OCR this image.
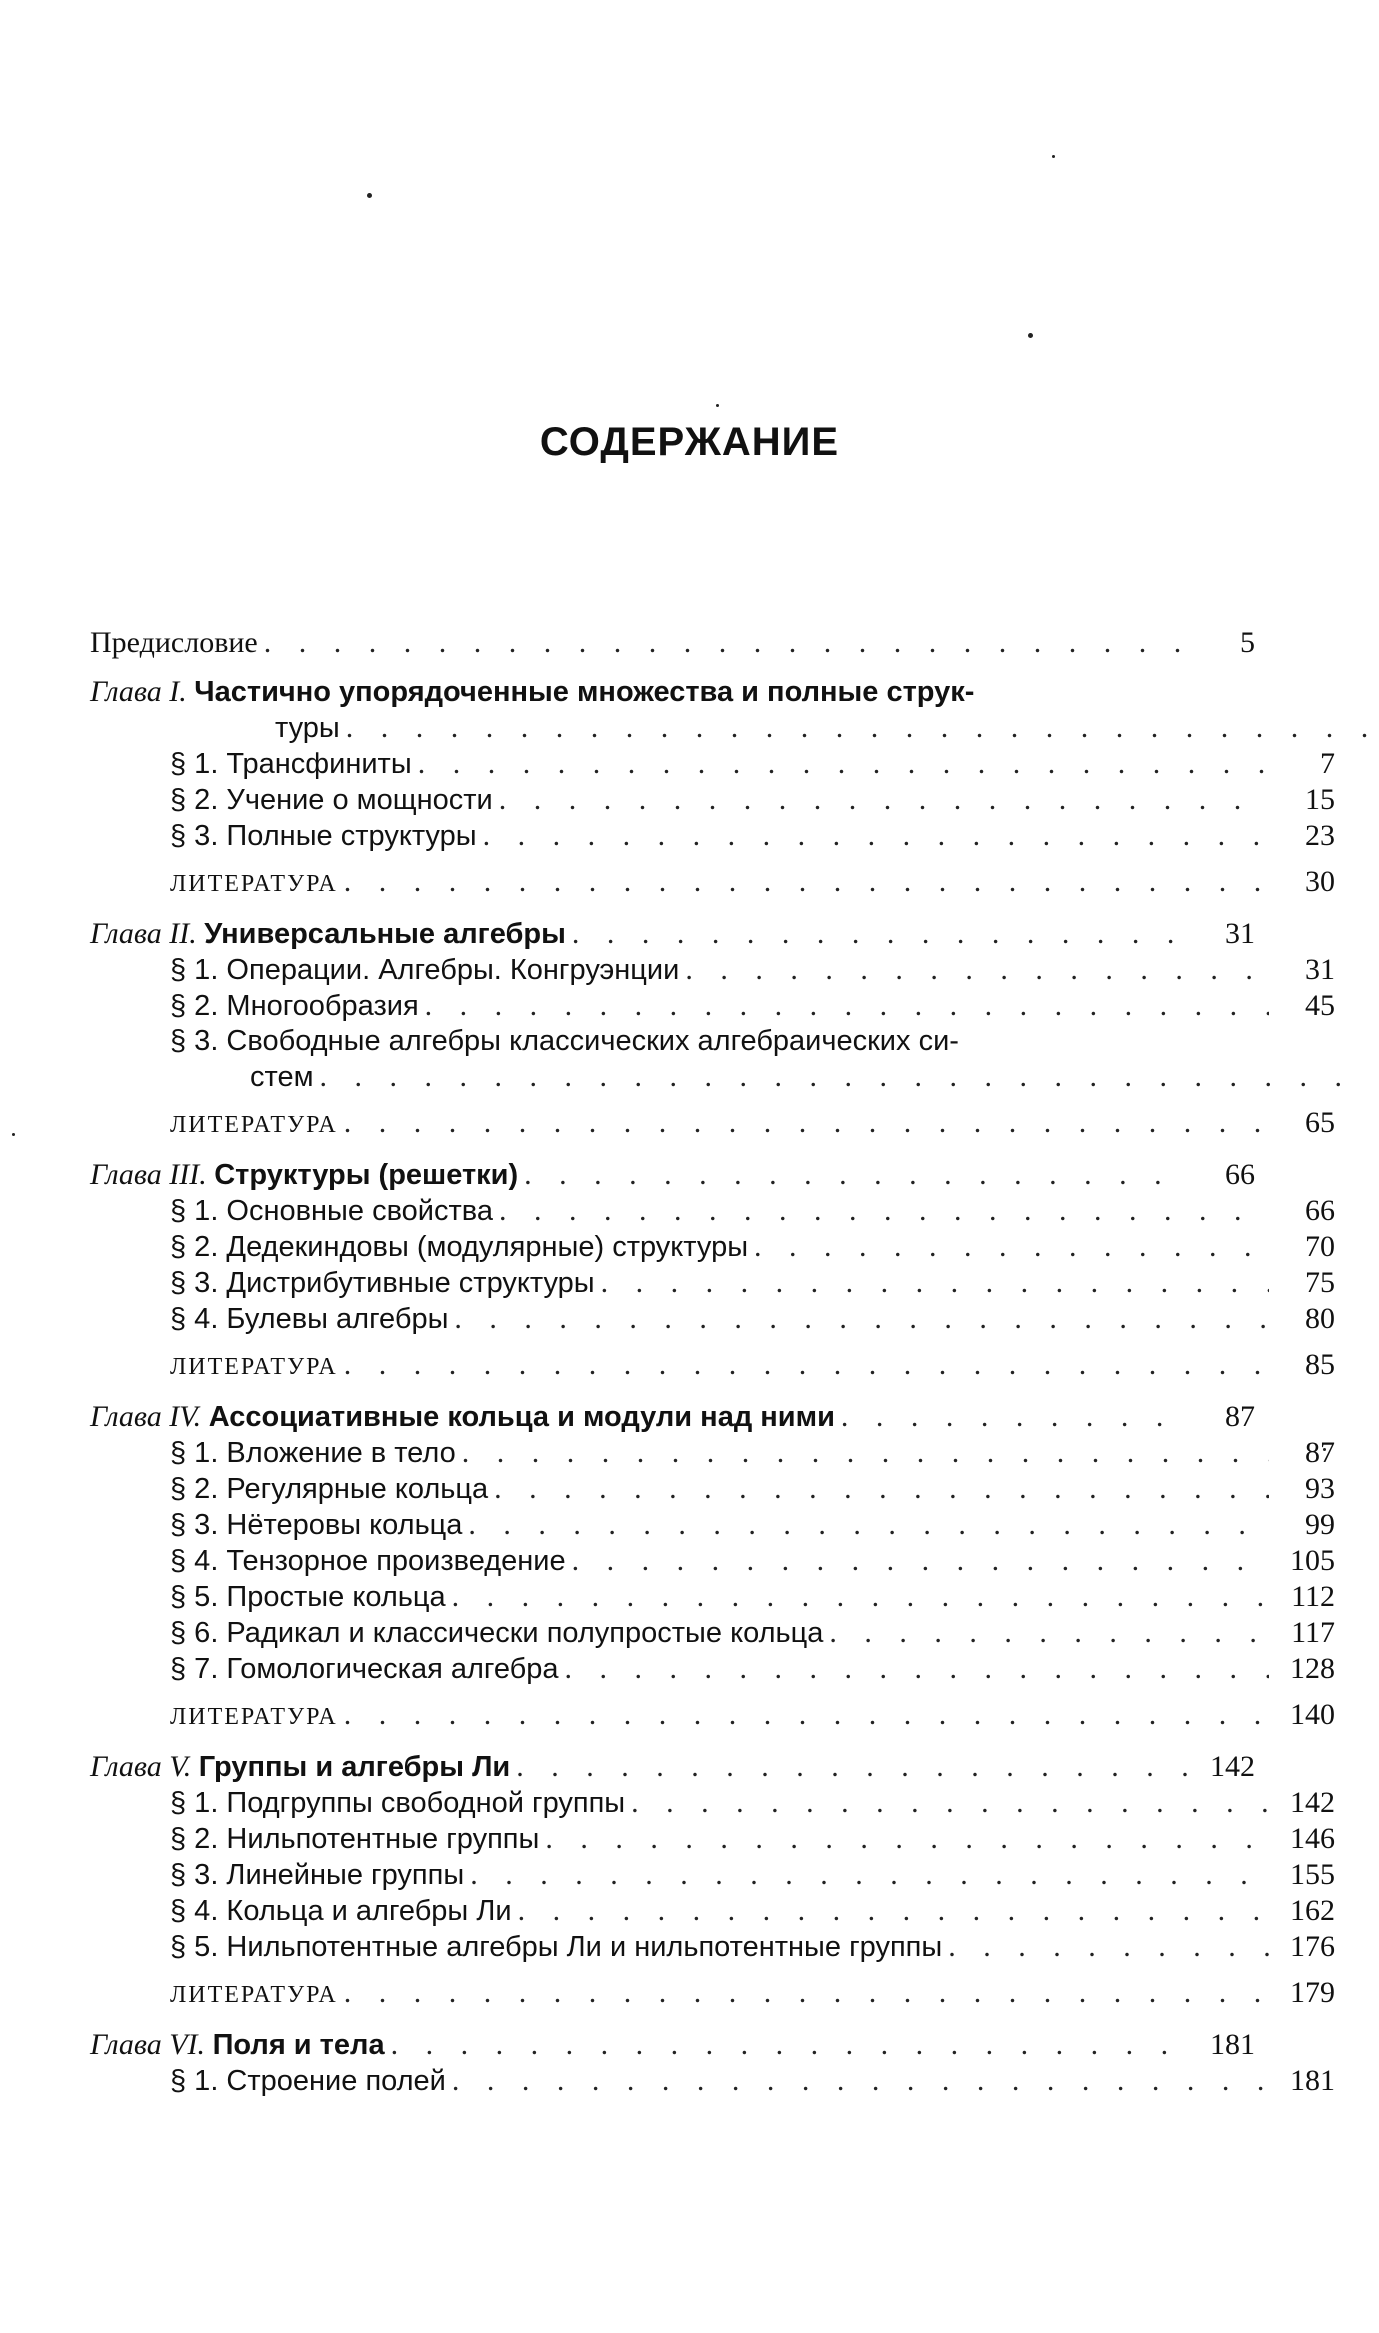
СОДЕРЖАНИЕ
Предисловие . . .	5
Глава I. Частично упорядоченные множества и полные струк-
туры
. . .
§ 1. Трансфиниты . . .	7
§ 2. Учение о мощности . . .	15
§ 3. Полные структуры . . .	23
ЛИТЕРАТУРА . . .	30
Глава II. Универсальные алгебры . . .	31
§ 1. Операции. Алгебры. Конгруэнции . . .	31
§ 2. Многообразия . . .	45
§ 3. Свободные алгебры классических алгебраических си-
стем
. . .
ЛИТЕРАТУРА . . .	65
Глава III. Структуры (решетки) . . .	66
§ 1. Основные свойства . . .	66
§ 2. Дедекиндовы (модулярные) структуры . . .	70
§ 3. Дистрибутивные структуры . . .	75
§ 4. Булевы алгебры . . .	80
ЛИТЕРАТУРА . . .	85
Глава IV. Ассоциативные кольца и модули над ними . . .	87
§ 1. Вложение в тело . . .	87
§ 2. Регулярные кольца . . .	93
§ 3. Нётеровы кольца . . .	99
§ 4. Тензорное произведение . . .	105
§ 5. Простые кольца . . .	112
§ 6. Радикал и классически полупростые кольца . . .	117
§ 7. Гомологическая алгебра . . .	128
ЛИТЕРАТУРА . . .	140
Глава V. Группы и алгебры Ли . . .	142
§ 1. Подгруппы свободной группы . . .	142
§ 2. Нильпотентные группы . . .	146
§ 3. Линейные группы . . .	155
§ 4. Кольца и алгебры Ли . . .	162
§ 5. Нильпотентные алгебры Ли и нильпотентные группы . . .	176
ЛИТЕРАТУРА . . .	179
Глава VI. Поля и тела . . .	181
§ 1. Строение полей . . .	181
